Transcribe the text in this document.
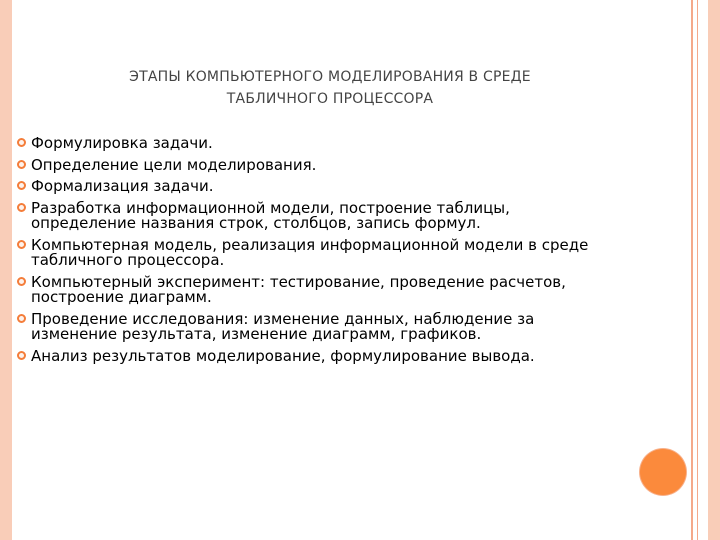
ЭТАПЫ КОМПЬЮТЕРНОГО МОДЕЛИРОВАНИЯ В СРЕДЕ
ТАБЛИЧНОГО ПРОЦЕССОРА
Формулировка задачи.
Определение цели моделирования.
Формализация задачи.
Разработка информационной модели, построение таблицы,
определение названия строк, столбцов, запись формул.
Компьютерная модель, реализация информационной модели в среде
табличного процессора.
Компьютерный эксперимент: тестирование, проведение расчетов,
построение диаграмм.
Проведение исследования: изменение данных, наблюдение за
изменение результата, изменение диаграмм, графиков.
Анализ результатов моделирование, формулирование вывода.
